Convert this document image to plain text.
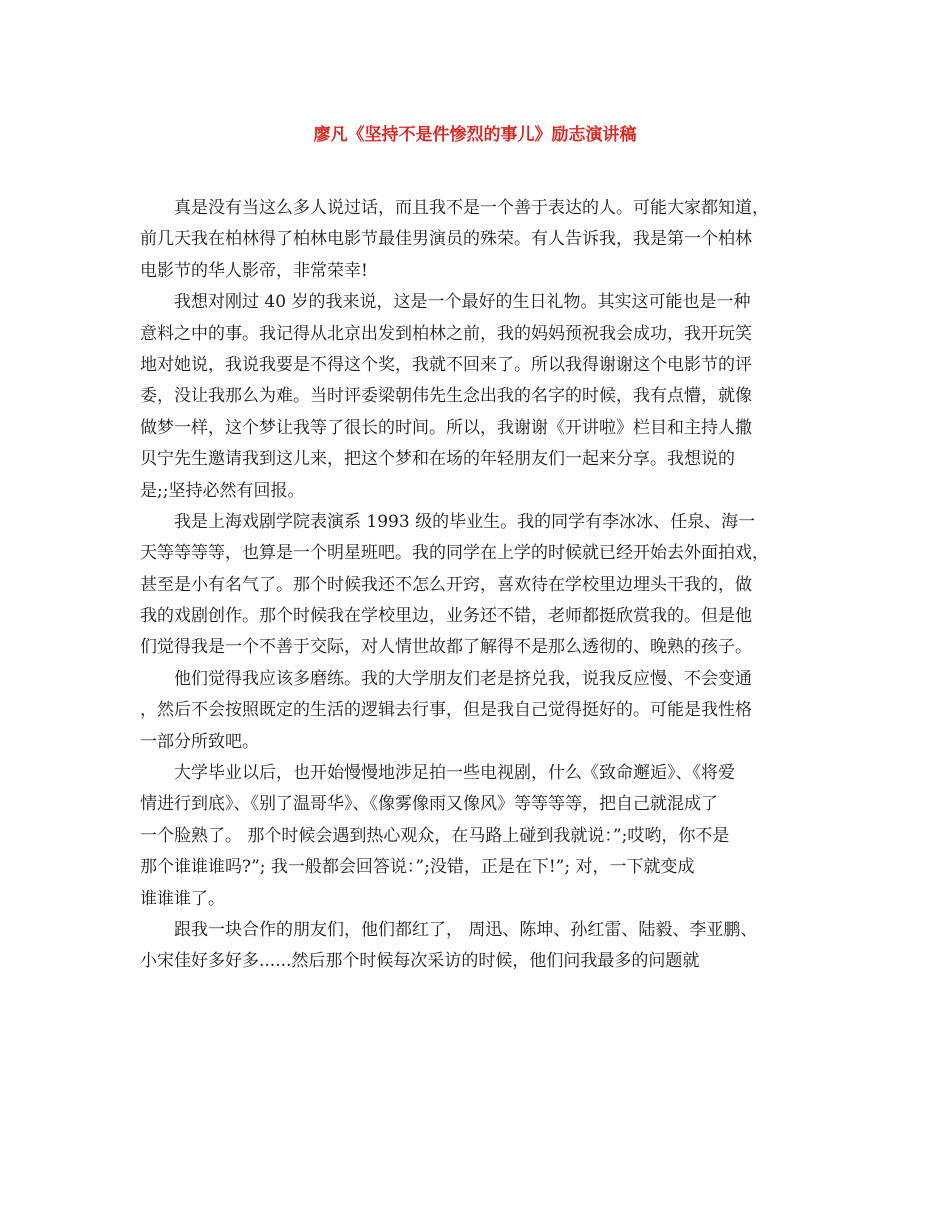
廖凡《坚持不是件惨烈的事儿》励志演讲稿
真是没有当这么多人说过话，而且我不是一个善于表达的人。可能大家都知道，
前几天我在柏林得了柏林电影节最佳男演员的殊荣。有人告诉我，我是第一个柏林
电影节的华人影帝，非常荣幸!
我想对刚过 40 岁的我来说，这是一个最好的生日礼物。其实这可能也是一种
意料之中的事。我记得从北京出发到柏林之前，我的妈妈预祝我会成功，我开玩笑
地对她说，我说我要是不得这个奖，我就不回来了。所以我得谢谢这个电影节的评
委，没让我那么为难。当时评委梁朝伟先生念出我的名字的时候，我有点懵，就像
做梦一样，这个梦让我等了很长的时间。所以，我谢谢《开讲啦》栏目和主持人撒
贝宁先生邀请我到这儿来，把这个梦和在场的年轻朋友们一起来分享。我想说的
是;;坚持必然有回报。
我是上海戏剧学院表演系 1993 级的毕业生。我的同学有李冰冰、任泉、海一
天等等等等，也算是一个明星班吧。我的同学在上学的时候就已经开始去外面拍戏，
甚至是小有名气了。那个时候我还不怎么开窍，喜欢待在学校里边埋头干我的，做
我的戏剧创作。那个时候我在学校里边，业务还不错，老师都挺欣赏我的。但是他
们觉得我是一个不善于交际，对人情世故都了解得不是那么透彻的、晚熟的孩子。
他们觉得我应该多磨练。我的大学朋友们老是挤兑我，说我反应慢、不会变通
，然后不会按照既定的生活的逻辑去行事，但是我自己觉得挺好的。可能是我性格
一部分所致吧。
大学毕业以后，也开始慢慢地涉足拍一些电视剧，什么《致命邂逅》、《将爱
情进行到底》、《别了温哥华》、《像雾像雨又像风》等等等等，把自己就混成了
一个脸熟了。 那个时候会遇到热心观众，在马路上碰到我就说：”;哎哟，你不是
那个谁谁谁吗?”; 我一般都会回答说：”;没错，正是在下!”; 对，一下就变成
谁谁谁了。
跟我一块合作的朋友们，他们都红了， 周迅、陈坤、孙红雷、陆毅、李亚鹏、
小宋佳好多好多......然后那个时候每次采访的时候，他们问我最多的问题就
